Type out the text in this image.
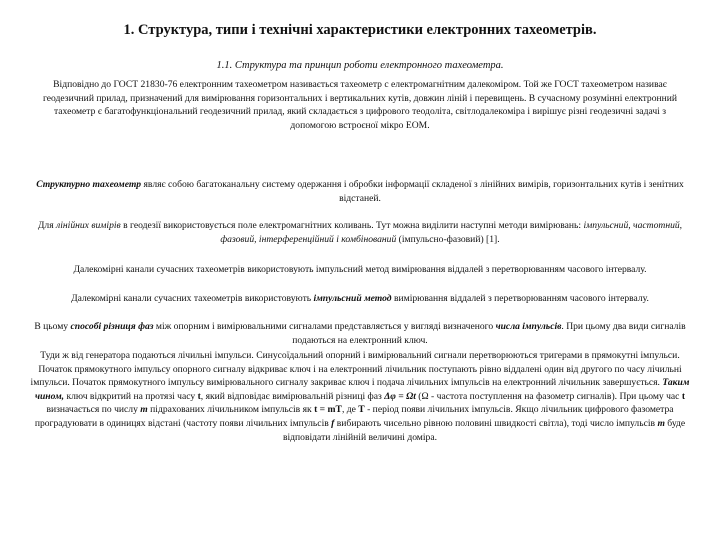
1. Структура, типи і технічні характеристики електронних тахеометрів.
1.1. Структура та принцип роботи електронного тахеометра.
Відповідно до ГОСТ 21830-76 електронним тахеометром називається тахеометр с електромагнітним далекоміром. Той же ГОСТ тахеометром називає геодезичний прилад, призначений для вимірювання горизонтальних і вертикальних кутів, довжин ліній і перевищень. В сучасному розумінні електронний тахеометр є багатофункціональний геодезичний прилад, який складається з цифрового теодоліта, світлодалекоміра і вирішує різні геодезичні задачі з допомогою встроєної мікро ЕОМ.
Структурно тахеометр являє собою багатоканальну систему одержання і обробки інформації складеної з лінійних вимірів, горизонтальних кутів і зенітних відстаней.
Для лінійних вимірів в геодезії використовується поле електромагнітних коливань. Тут можна виділити наступні методи вимірювань: імпульсний, частотний, фазовий, інтерференційний і комбінований (імпульсно-фазовий) [1].
Далекомірні канали сучасних тахеометрів використовують імпульсний метод вимірювання віддалей з перетворюванням часового інтервалу.
Далекомірні канали сучасних тахеометрів використовують імпульсний метод вимірювання віддалей з перетворюванням часового інтервалу.
В цьому способі різниця фаз між опорним і вимірювальними сигналами представляється у вигляді визначеного числа імпульсів. При цьому два види сигналів подаються на електронний ключ.
Туди ж від генератора подаються лічильні імпульси. Синусоїдальний опорний і вимірювальний сигнали перетворюються тригерами в прямокутні імпульси. Початок прямокутного імпульсу опорного сигналу відкриває ключ і на електронний лічильник поступають рівно віддалені один від другого по часу лічильні імпульси. Початок прямокутного імпульсу вимірювального сигналу закриває ключ і подача лічильних імпульсів на електронний лічильник завершується. Таким чином, ключ відкритий на протязі часу t, який відповідає вимірювальній різниці фаз Δφ = Ωt (Ω - частота поступлення на фазометр сигналів). При цьому час t визначається по числу m підрахованих лічильником імпульсів як t = mT, де T - період появи лічильних імпульсів. Якщо лічильник цифрового фазометра проградуювати в одиницях відстані (частоту появи лічильних імпульсів f вибирають чисельно рівною половині швидкості світла), тоді число імпульсів m буде відповідати лінійній величині доміра.
